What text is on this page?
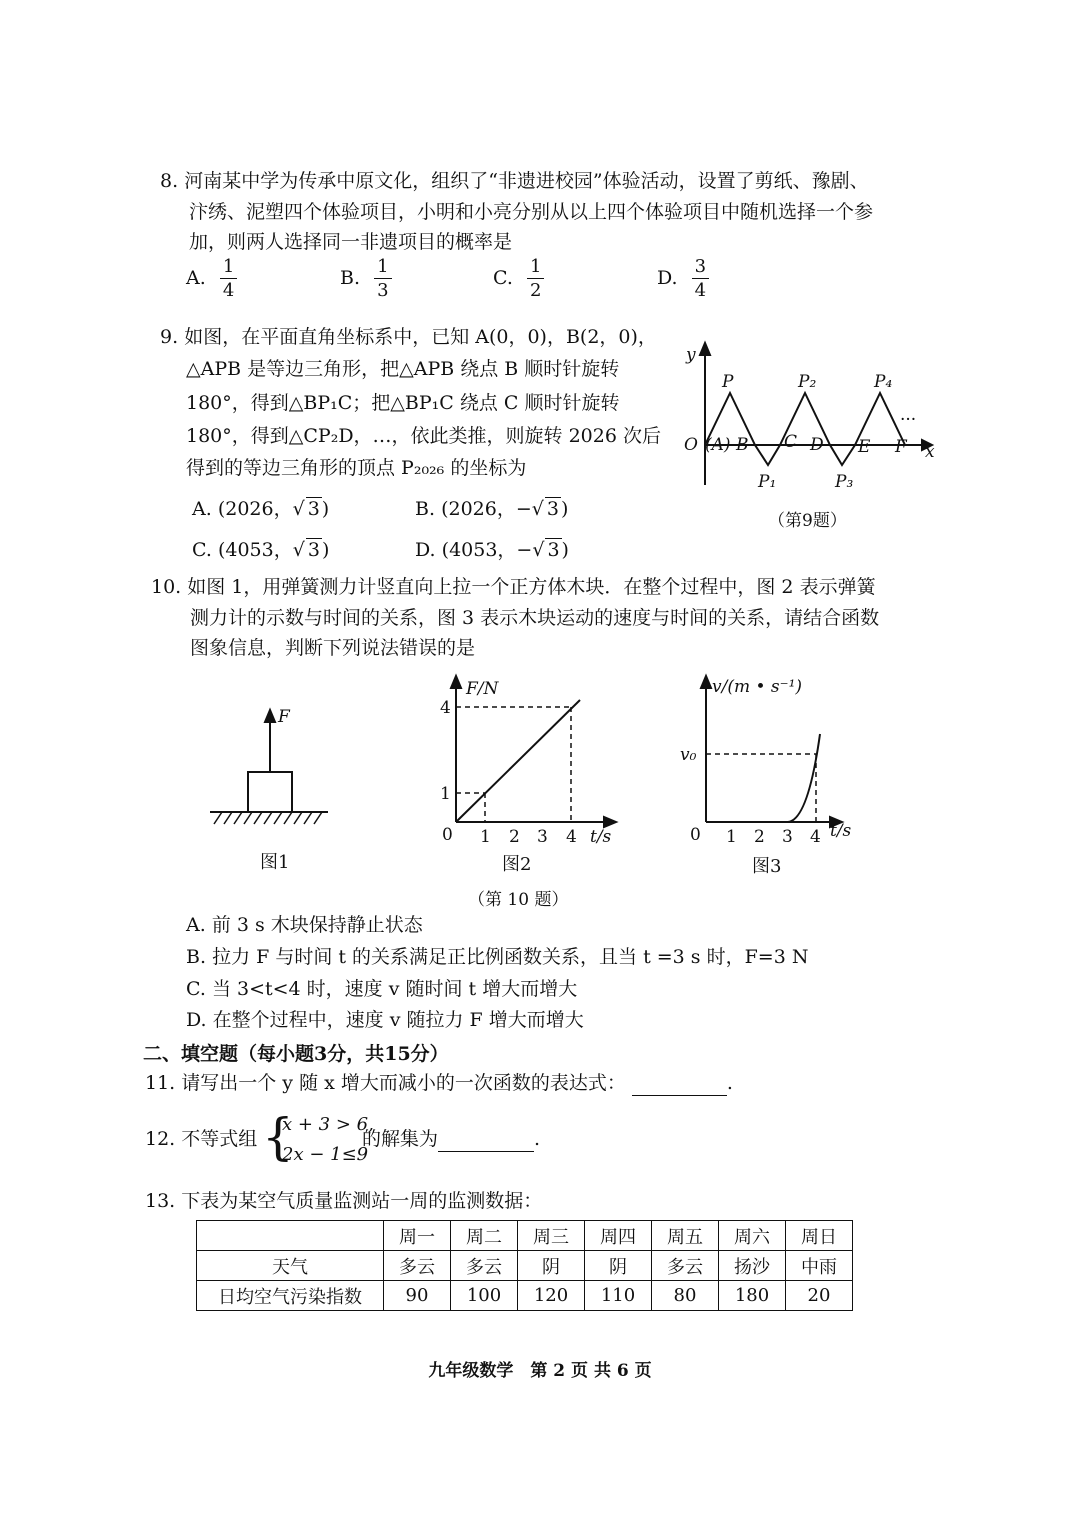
8. 河南某中学为传承中原文化，组织了“非遗进校园”体验活动，设置了剪纸、豫剧、
汴绣、泥塑四个体验项目，小明和小亮分别从以上四个体验项目中随机选择一个参
加，则两人选择同一非遗项目的概率是
A. $\frac{1}{4}$	B. $\frac{1}{3}$	C. $\frac{1}{2}$	D. $\frac{3}{4}$
9. 如图，在平面直角坐标系中，已知 A(0，0)，B(2，0)，
△APB 是等边三角形，把△APB 绕点 B 顺时针旋转
180°，得到△BP₁C；把△BP₁C 绕点 C 顺时针旋转
180°，得到△CP₂D，…，依此类推，则旋转 2026 次后
得到的等边三角形的顶点 P₂₀₂₆ 的坐标为
A. (2026，√ 3 )	B. (2026，−√ 3 )
C. (4053，√ 3 )	D. (4053，−√ 3 )
y
x
O (A) B C D E F
P	P₂	P₄
P₁	P₃
···
（第9题）
10. 如图 1，用弹簧测力计竖直向上拉一个正方体木块．在整个过程中，图 2 表示弹簧
测力计的示数与时间的关系，图 3 表示木块运动的速度与时间的关系，请结合函数
图象信息，判断下列说法错误的是
F
图1
F/N
t/s
0 1 2 3 4
1
4
图2
v/(m • s⁻¹)
t/s
0 1 2 3 4
v₀
图3
（第 10 题）
A. 前 3 s 木块保持静止状态
B. 拉力 F 与时间 t 的关系满足正比例函数关系，且当 t =3 s 时，F=3 N
C. 当 3<t<4 时，速度 v 随时间 t 增大而增大
D. 在整个过程中，速度 v 随拉力 F 增大而增大
二、填空题（每小题3分，共15分）
11. 请写出一个 y 随 x 增大而减小的一次函数的表达式：	.
12. 不等式组 {
x + 3 > 6,
2x − 1≤9
的解集为	.
13. 下表为某空气质量监测站一周的监测数据：
	周一	周二	周三	周四	周五	周六	周日
天气	多云	多云	阴	阴	多云	扬沙	中雨
日均空气污染指数	90	100	120	110	80	180	20
九年级数学　第 2 页 共 6 页
